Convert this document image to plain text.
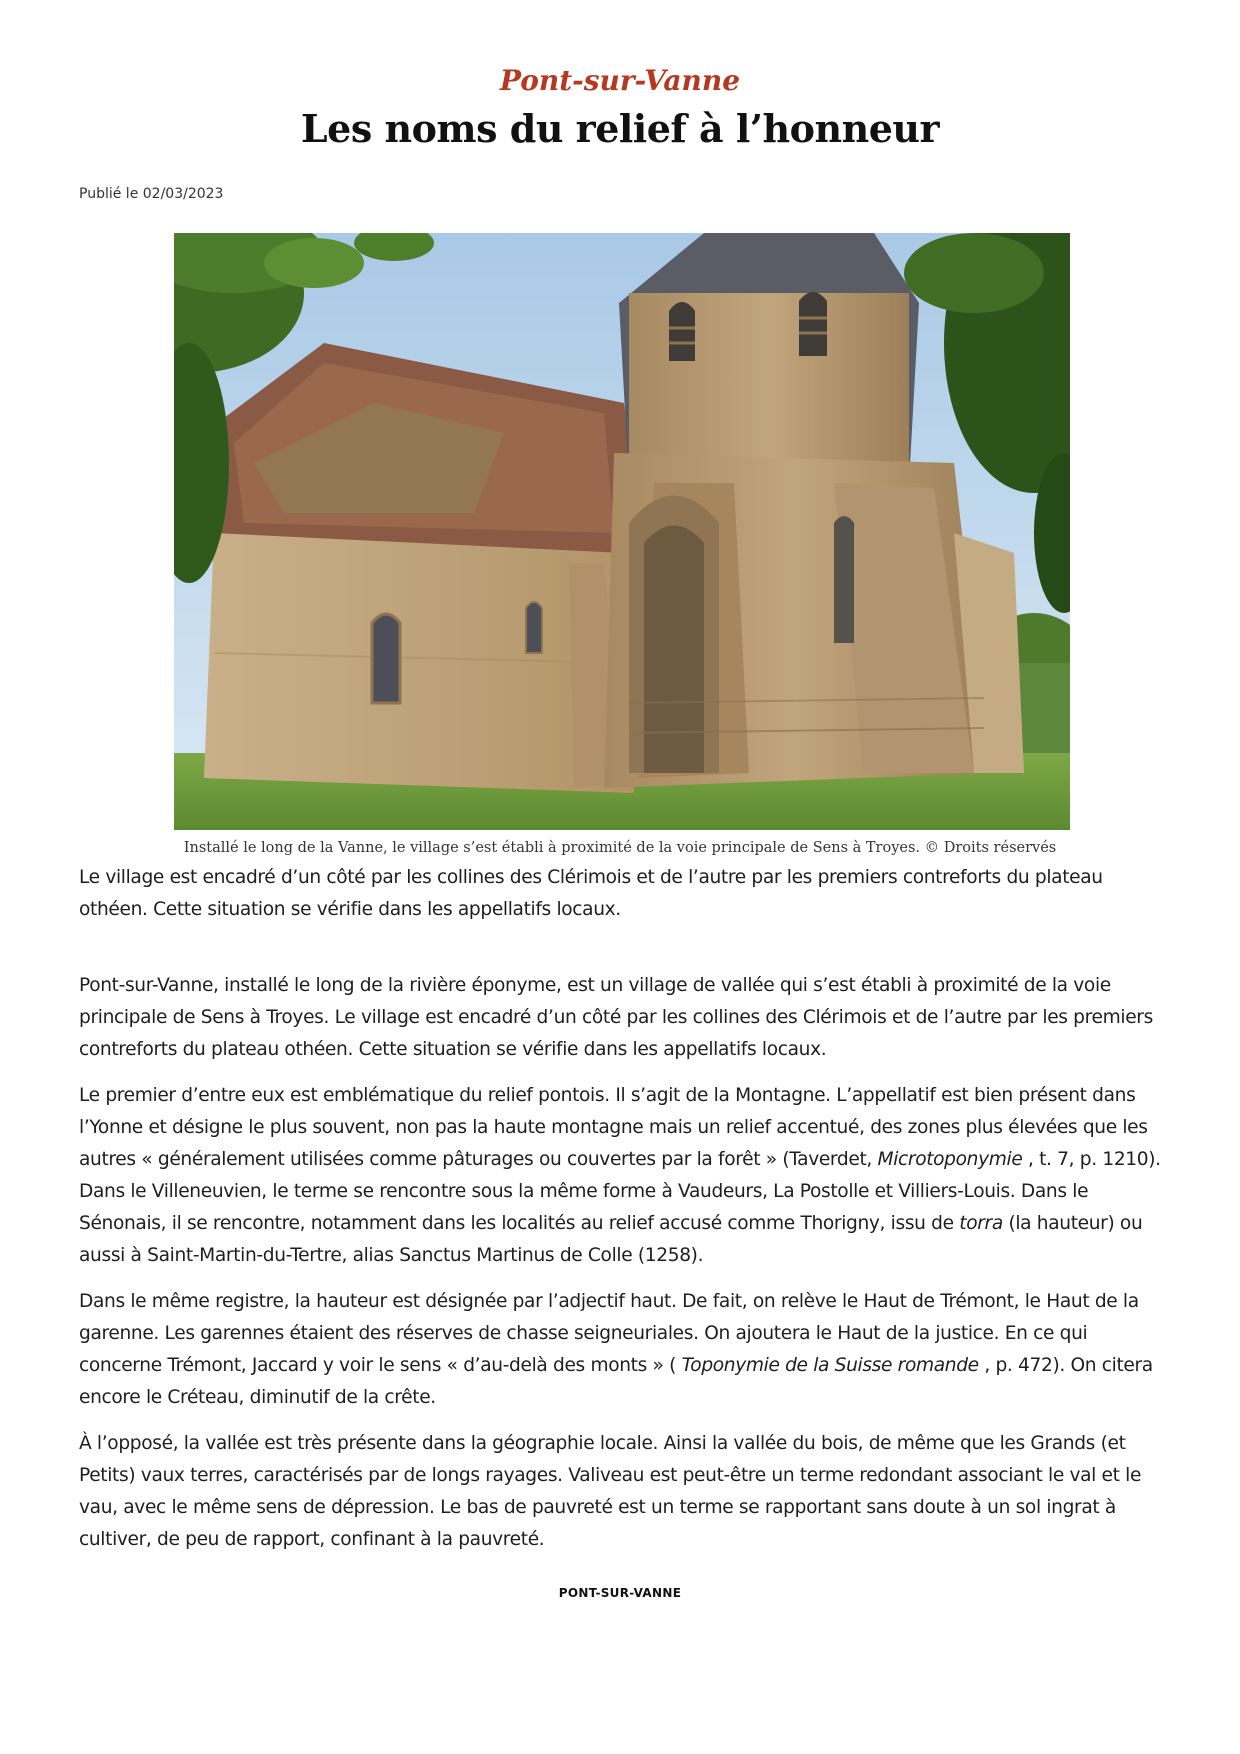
Pont-sur-Vanne
Les noms du relief à l’honneur
Publié le 02/03/2023
Installé le long de la Vanne, le village s’est établi à proximité de la voie principale de Sens à Troyes. © Droits réservés

Le village est encadré d’un côté par les collines des Clérimois et de l’autre par les premiers contreforts du plateau othéen. Cette situation se vérifie dans les appellatifs locaux.

Pont-sur-Vanne, installé le long de la rivière éponyme, est un village de vallée qui s’est établi à proximité de la voie principale de Sens à Troyes. Le village est encadré d’un côté par les collines des Clérimois et de l’autre par les premiers contreforts du plateau othéen. Cette situation se vérifie dans les appellatifs locaux.

Le premier d’entre eux est emblématique du relief pontois. Il s’agit de la Montagne. L’appellatif est bien présent dans l’Yonne et désigne le plus souvent, non pas la haute montagne mais un relief accentué, des zones plus élevées que les autres « généralement utilisées comme pâturages ou couvertes par la forêt » (Taverdet, Microtoponymie , t. 7, p. 1210). Dans le Villeneuvien, le terme se rencontre sous la même forme à Vaudeurs, La Postolle et Villiers-Louis. Dans le Sénonais, il se rencontre, notamment dans les localités au relief accusé comme Thorigny, issu de torra (la hauteur) ou aussi à Saint-Martin-du-Tertre, alias Sanctus Martinus de Colle (1258).

Dans le même registre, la hauteur est désignée par l’adjectif haut. De fait, on relève le Haut de Trémont, le Haut de la garenne. Les garennes étaient des réserves de chasse seigneuriales. On ajoutera le Haut de la justice. En ce qui concerne Trémont, Jaccard y voir le sens « d’au-delà des monts » ( Toponymie de la Suisse romande , p. 472). On citera encore le Créteau, diminutif de la crête.

À l’opposé, la vallée est très présente dans la géographie locale. Ainsi la vallée du bois, de même que les Grands (et Petits) vaux terres, caractérisés par de longs rayages. Valiveau est peut-être un terme redondant associant le val et le vau, avec le même sens de dépression. Le bas de pauvreté est un terme se rapportant sans doute à un sol ingrat à cultiver, de peu de rapport, confinant à la pauvreté.

PONT-SUR-VANNE
